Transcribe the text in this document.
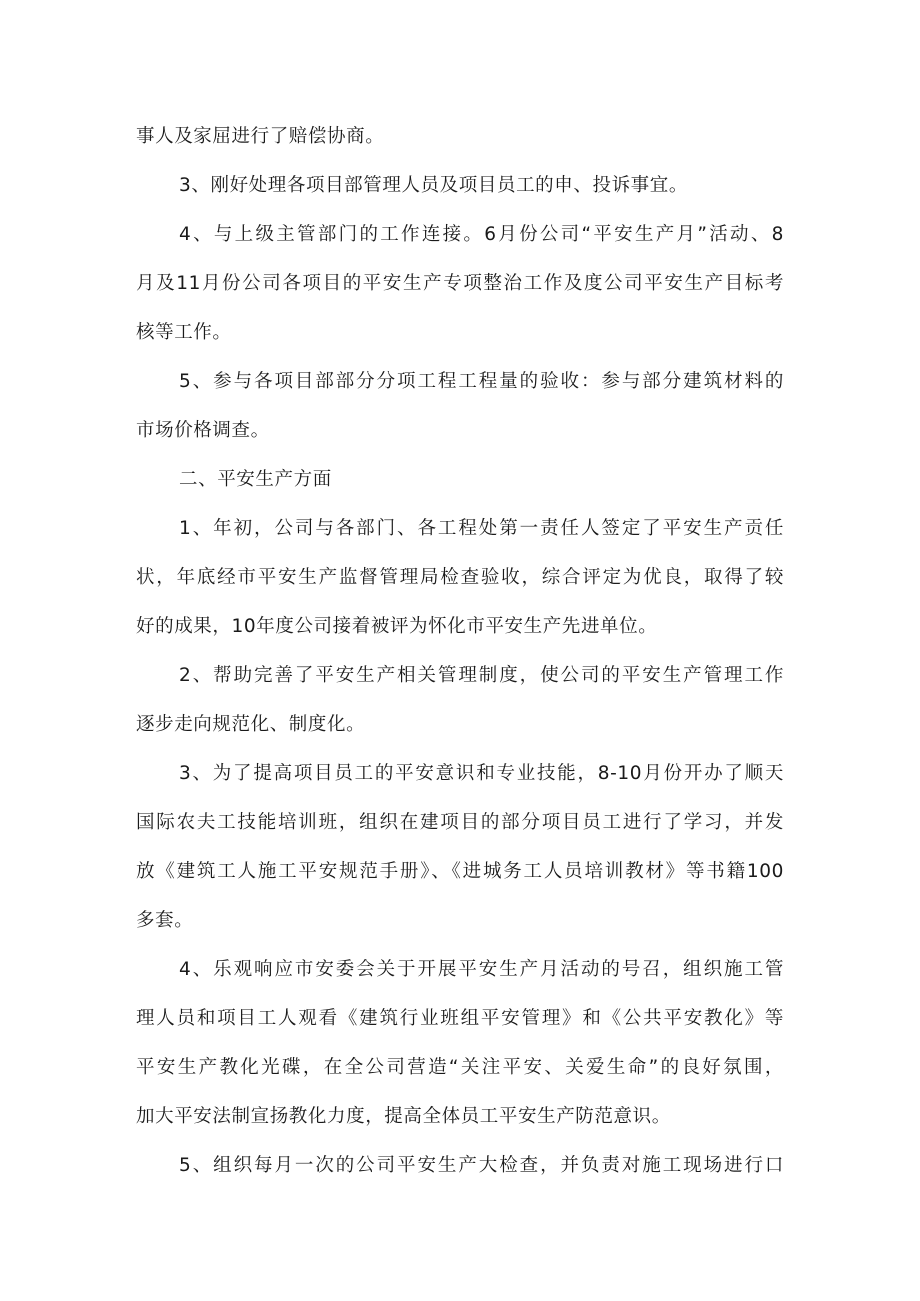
事人及家屈进行了赔偿协商。
3、刚好处理各项目部管理人员及项目员工的申、投诉事宜。
4、与上级主管部门的工作连接。6月份公司“平安生产月”活动、8
月及11月份公司各项目的平安生产专项整治工作及度公司平安生产目标考
核等工作。
5、参与各项目部部分分项工程工程量的验收：参与部分建筑材料的
市场价格调查。
二、平安生产方面
1、年初，公司与各部门、各工程处第一责任人签定了平安生产贡任
状，年底经市平安生产监督管理局检查验收，综合评定为优良，取得了较
好的成果，10年度公司接着被评为怀化市平安生产先进单位。
2、帮助完善了平安生产相关管理制度，使公司的平安生产管理工作
逐步走向规范化、制度化。
3、为了提高项目员工的平安意识和专业技能，8-10月份开办了顺天
国际农夫工技能培训班，组织在建项目的部分项目员工进行了学习，并发
放《建筑工人施工平安规范手册》、《进城务工人员培训教材》等书籍100
多套。
4、乐观响应市安委会关于开展平安生产月活动的号召，组织施工管
理人员和项目工人观看《建筑行业班组平安管理》和《公共平安教化》等
平安生产教化光碟，在全公司营造“关注平安、关爱生命”的良好氛围，
加大平安法制宣扬教化力度，提高全体员工平安生产防范意识。
5、组织每月一次的公司平安生产大检查，并负责对施工现场进行口
